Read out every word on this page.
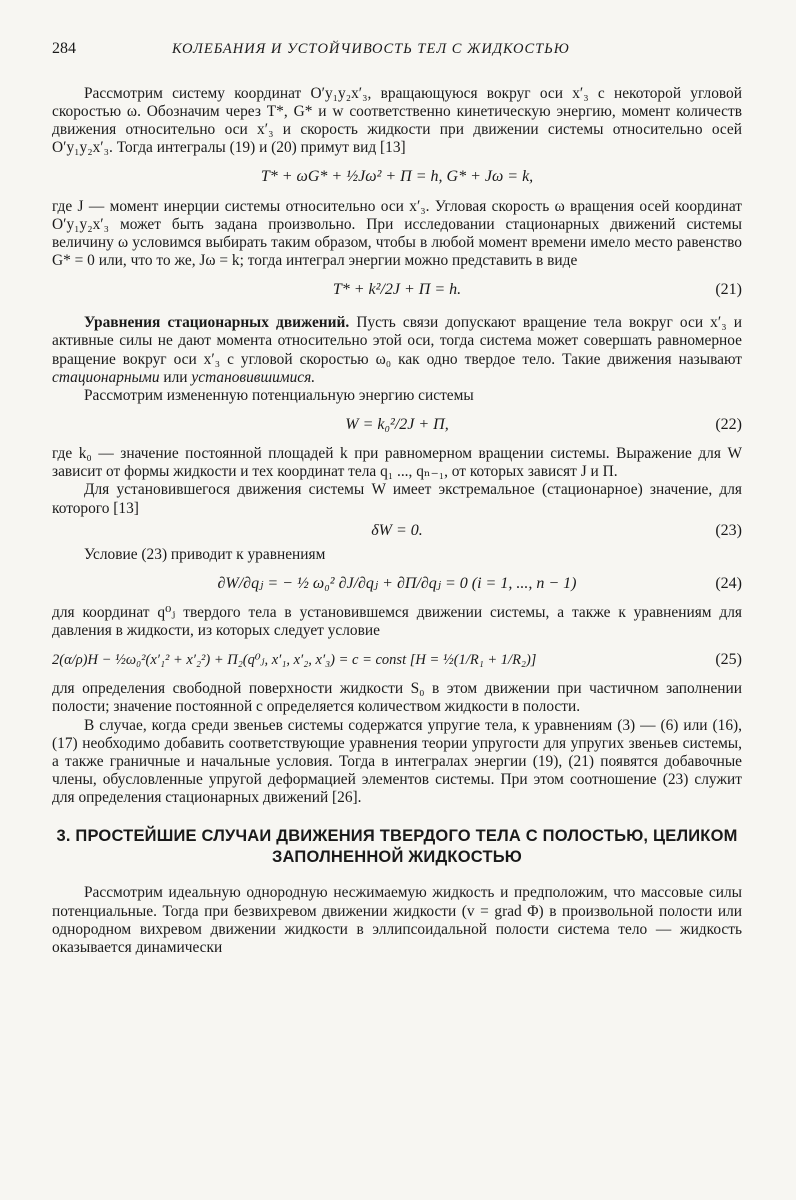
284	КОЛЕБАНИЯ И УСТОЙЧИВОСТЬ ТЕЛ С ЖИДКОСТЬЮ

Рассмотрим систему координат O′y₁y₂x′₃, вращающуюся вокруг оси x′₃ с некоторой угловой скоростью ω. Обозначим через T*, G* и w соответственно кинетическую энергию, момент количеств движения относительно оси x′₃ и скорость жидкости при движении системы относительно осей O′y₁y₂x′₃. Тогда интегралы (19) и (20) примут вид [13]

T* + ωG* + ½Jω² + Π = h, G* + Jω = k,

где J — момент инерции системы относительно оси x′₃. Угловая скорость ω вращения осей координат O′y₁y₂x′₃ может быть задана произвольно. При исследовании стационарных движений системы величину ω условимся выбирать таким образом, чтобы в любой момент времени имело место равенство G* = 0 или, что то же, Jω = k; тогда интеграл энергии можно представить в виде

T* + k²/2J + Π = h.	(21)

Уравнения стационарных движений. Пусть связи допускают вращение тела вокруг оси x′₃ и активные силы не дают момента относительно этой оси, тогда система может совершать равномерное вращение вокруг оси x′₃ с угловой скоростью ω₀ как одно твердое тело. Такие движения называют стационарными или установившимися.

Рассмотрим измененную потенциальную энергию системы

W = k₀²/2J + Π,	(22)

где k₀ — значение постоянной площадей k при равномерном вращении системы. Выражение для W зависит от формы жидкости и тех координат тела q₁ ..., qₙ₋₁, от которых зависят J и Π.

Для установившегося движения системы W имеет экстремальное (стационарное) значение, для которого [13]

δW = 0.	(23)

Условие (23) приводит к уравнениям

∂W/∂qⱼ = − ½ ω₀² ∂J/∂qⱼ + ∂Π/∂qⱼ = 0 (i = 1, ..., n − 1)	(24)

для координат q⁰ⱼ твердого тела в установившемся движении системы, а также к уравнениям для давления в жидкости, из которых следует условие

2(α/ρ)H − ½ω₀²(x′₁² + x′₂²) + Π₂(q⁰ⱼ, x′₁, x′₂, x′₃) = c = const [H = ½(1/R₁ + 1/R₂)]	(25)

для определения свободной поверхности жидкости S₀ в этом движении при частичном заполнении полости; значение постоянной c определяется количеством жидкости в полости.

В случае, когда среди звеньев системы содержатся упругие тела, к уравнениям (3) — (6) или (16), (17) необходимо добавить соответствующие уравнения теории упругости для упругих звеньев системы, а также граничные и начальные условия. Тогда в интегралах энергии (19), (21) появятся добавочные члены, обусловленные упругой деформацией элементов системы. При этом соотношение (23) служит для определения стационарных движений [26].

3. ПРОСТЕЙШИЕ СЛУЧАИ ДВИЖЕНИЯ ТВЕРДОГО ТЕЛА С ПОЛОСТЬЮ, ЦЕЛИКОМ ЗАПОЛНЕННОЙ ЖИДКОСТЬЮ

Рассмотрим идеальную однородную несжимаемую жидкость и предположим, что массовые силы потенциальные. Тогда при безвихревом движении жидкости (v = grad Φ) в произвольной полости или однородном вихревом движении жидкости в эллипсоидальной полости система тело — жидкость оказывается динамически
